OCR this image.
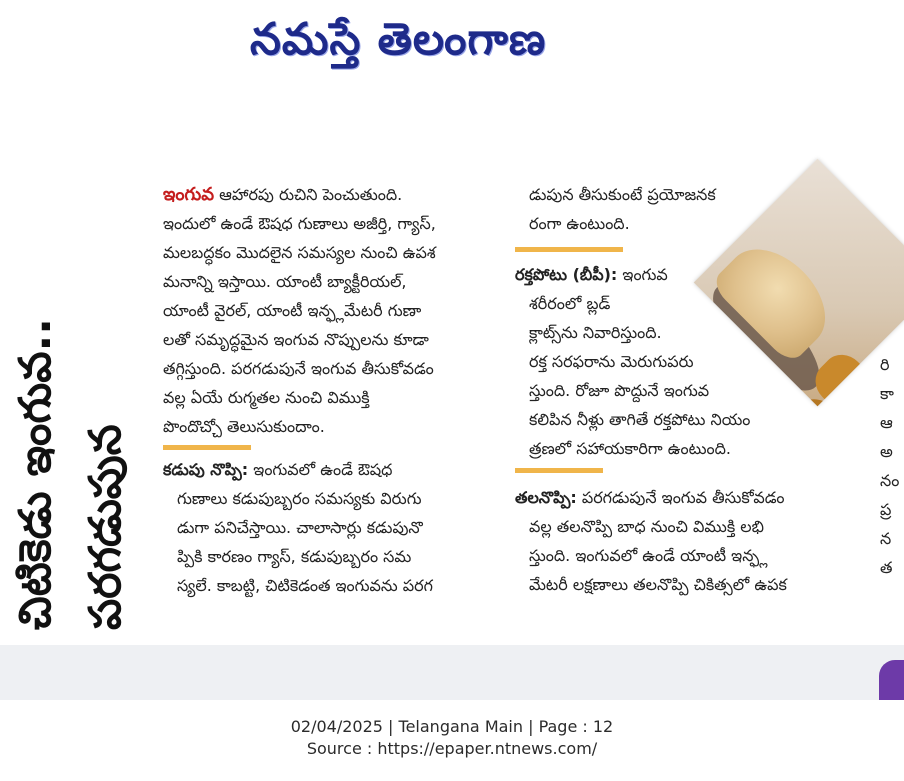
నమస్తే తెలంగాణ
చిటికెడు ఇంగువ.. పరగడుపున

ఇంగువ ఆహారపు రుచిని పెంచుతుంది.

ఇందులో ఉండే ఔషధ గుణాలు అజీర్తి, గ్యాస్,

మలబద్ధకం మొదలైన సమస్యల నుంచి ఉపశ

మనాన్ని ఇస్తాయి. యాంటీ బ్యాక్టీరియల్,

యాంటీ వైరల్, యాంటీ ఇన్ఫ్లమేటరీ గుణా

లతో సమృద్ధమైన ఇంగువ నొప్పులను కూడా

తగ్గిస్తుంది. పరగడుపునే ఇంగువ తీసుకోవడం

వల్ల ఏయే రుగ్మతల నుంచి విముక్తి

పొందొచ్చో తెలుసుకుందాం.

కడుపు నొప్పి: ఇంగువలో ఉండే ఔషధ

గుణాలు కడుపుబ్బరం సమస్యకు విరుగు

డుగా పనిచేస్తాయి. చాలాసార్లు కడుపునొ

ప్పికి కారణం గ్యాస్, కడుపుబ్బరం సమ

స్యలే. కాబట్టి, చిటికెడంత ఇంగువను పరగ

డుపున తీసుకుంటే ప్రయోజనక

రంగా ఉంటుంది.

రక్తపోటు (బీపీ): ఇంగువ

శరీరంలో బ్లడ్

క్లాట్స్‌ను నివారిస్తుంది.

రక్త సరఫరాను మెరుగుపరు

స్తుంది. రోజూ పొద్దునే ఇంగువ

కలిపిన నీళ్లు తాగితే రక్తపోటు నియం

త్రణలో సహాయకారిగా ఉంటుంది.

తలనొప్పి: పరగడుపునే ఇంగువ తీసుకోవడం

వల్ల తలనొప్పి బాధ నుంచి విముక్తి లభి

స్తుంది. ఇంగువలో ఉండే యాంటీ ఇన్ఫ్ల

మేటరీ లక్షణాలు తలనొప్పి చికిత్సలో ఉపక

రి
కా
ఆ
అ
నం
ప్ర
న
త
02/04/2025 | Telangana Main | Page : 12
Source : https://epaper.ntnews.com/
